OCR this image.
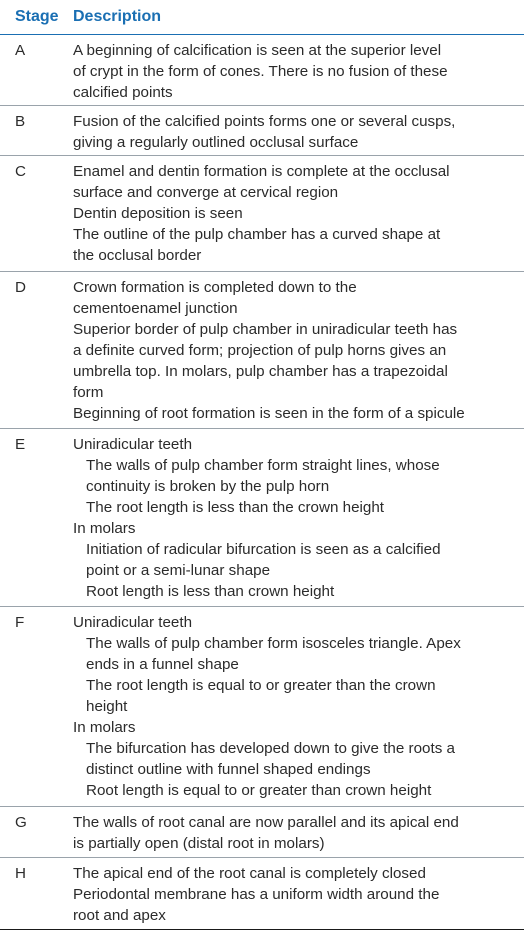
Stage Description
A	A beginning of calcification is seen at the superior level
of crypt in the form of cones. There is no fusion of these
calcified points
B	Fusion of the calcified points forms one or several cusps,
giving a regularly outlined occlusal surface
C	Enamel and dentin formation is complete at the occlusal
surface and converge at cervical region
Dentin deposition is seen
The outline of the pulp chamber has a curved shape at
the occlusal border
D	Crown formation is completed down to the
cementoenamel junction
Superior border of pulp chamber in uniradicular teeth has
a definite curved form; projection of pulp horns gives an
umbrella top. In molars, pulp chamber has a trapezoidal
form
Beginning of root formation is seen in the form of a spicule
E	Uniradicular teeth
The walls of pulp chamber form straight lines, whose
continuity is broken by the pulp horn
The root length is less than the crown height
In molars
Initiation of radicular bifurcation is seen as a calcified
point or a semi-lunar shape
Root length is less than crown height
F	Uniradicular teeth
The walls of pulp chamber form isosceles triangle. Apex
ends in a funnel shape
The root length is equal to or greater than the crown
height
In molars
The bifurcation has developed down to give the roots a
distinct outline with funnel shaped endings
Root length is equal to or greater than crown height
G	The walls of root canal are now parallel and its apical end
is partially open (distal root in molars)
H	The apical end of the root canal is completely closed
Periodontal membrane has a uniform width around the
root and apex
